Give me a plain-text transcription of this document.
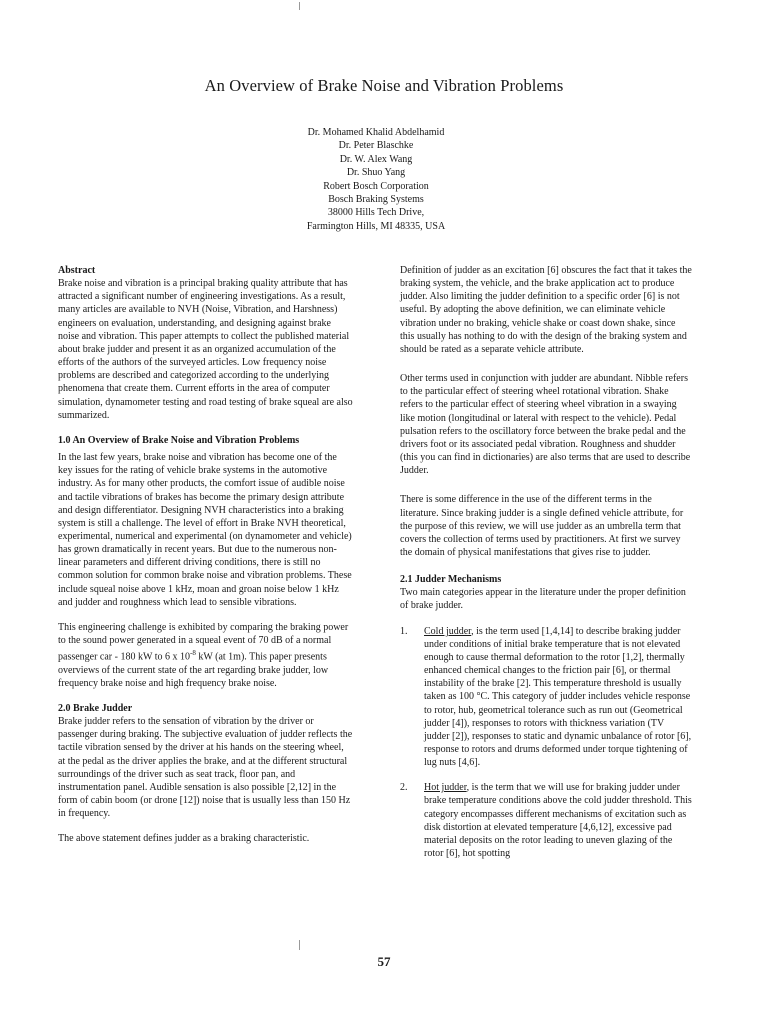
An Overview of Brake Noise and Vibration Problems
Dr. Mohamed Khalid Abdelhamid
Dr. Peter Blaschke
Dr. W. Alex Wang
Dr. Shuo Yang
Robert Bosch Corporation
Bosch Braking Systems
38000 Hills Tech Drive,
Farmington Hills, MI 48335, USA
Abstract

Brake noise and vibration is a principal braking quality attribute that has attracted a significant number of engineering investigations. As a result, many articles are available to NVH (Noise, Vibration, and Harshness) engineers on evaluation, understanding, and designing against brake noise and vibration. This paper attempts to collect the published material about brake judder and present it as an organized accumulation of the efforts of the authors of the surveyed articles. Low frequency noise problems are described and categorized according to the underlying phenomena that create them. Current efforts in the area of computer simulation, dynamometer testing and road testing of brake squeal are also summarized.

1.0 An Overview of Brake Noise and Vibration Problems

In the last few years, brake noise and vibration has become one of the key issues for the rating of vehicle brake systems in the automotive industry. As for many other products, the comfort issue of audible noise and tactile vibrations of brakes has become the primary design attribute and design differentiator. Designing NVH characteristics into a braking system is still a challenge. The level of effort in Brake NVH theoretical, experimental, numerical and experimental (on dynamometer and vehicle) has grown dramatically in recent years. But due to the numerous non-linear parameters and different driving conditions, there is still no common solution for common brake noise and vibration problems. These include squeal noise above 1 kHz, moan and groan noise below 1 kHz and judder and roughness which lead to sensible vibrations.

This engineering challenge is exhibited by comparing the braking power to the sound power generated in a squeal event of 70 dB of a normal passenger car - 180 kW to 6 x $10^{-8}$ kW (at 1m). This paper presents overviews of the current state of the art regarding brake judder, low frequency brake noise and high frequency brake noise.

2.0 Brake Judder

Brake judder refers to the sensation of vibration by the driver or passenger during braking. The subjective evaluation of judder reflects the tactile vibration sensed by the driver at his hands on the steering wheel, at the pedal as the driver applies the brake, and at the different structural surroundings of the driver such as seat track, floor pan, and instrumentation panel. Audible sensation is also possible [2,12] in the form of cabin boom (or drone [12]) noise that is usually less than 150 Hz in frequency.

The above statement defines judder as a braking characteristic.

Definition of judder as an excitation [6] obscures the fact that it takes the braking system, the vehicle, and the brake application act to produce judder. Also limiting the judder definition to a specific order [6] is not useful. By adopting the above definition, we can eliminate vehicle vibration under no braking, vehicle shake or coast down shake, since this usually has nothing to do with the design of the braking system and should be rated as a separate vehicle attribute.

Other terms used in conjunction with judder are abundant. Nibble refers to the particular effect of steering wheel rotational vibration. Shake refers to the particular effect of steering wheel vibration in a swaying like motion (longitudinal or lateral with respect to the vehicle). Pedal pulsation refers to the oscillatory force between the brake pedal and the drivers foot or its associated pedal vibration. Roughness and shudder (this you can find in dictionaries) are also terms that are used to describe Judder.

There is some difference in the use of the different terms in the literature. Since braking judder is a single defined vehicle attribute, for the purpose of this review, we will use judder as an umbrella term that covers the collection of terms used by practitioners. At first we survey the domain of physical manifestations that gives rise to judder.

2.1 Judder Mechanisms

Two main categories appear in the literature under the proper definition of brake judder.

1. Cold judder, is the term used [1,4,14] to describe braking judder under conditions of initial brake temperature that is not elevated enough to cause thermal deformation to the rotor [1,2], thermally enhanced chemical changes to the friction pair [6], or thermal instability of the brake [2]. This temperature threshold is usually taken as 100 °C. This category of judder includes vehicle response to rotor, hub, geometrical tolerance such as run out (Geometrical judder [4]), responses to rotors with thickness variation (TV judder [2]), responses to static and dynamic unbalance of rotor [6], response to rotors and drums deformed under torque tightening of lug nuts [4,6].
2. Hot judder, is the term that we will use for braking judder under brake temperature conditions above the cold judder threshold. This category encompasses different mechanisms of excitation such as disk distortion at elevated temperature [4,6,12], excessive pad material deposits on the rotor leading to uneven glazing of the rotor [6], hot spotting
57
